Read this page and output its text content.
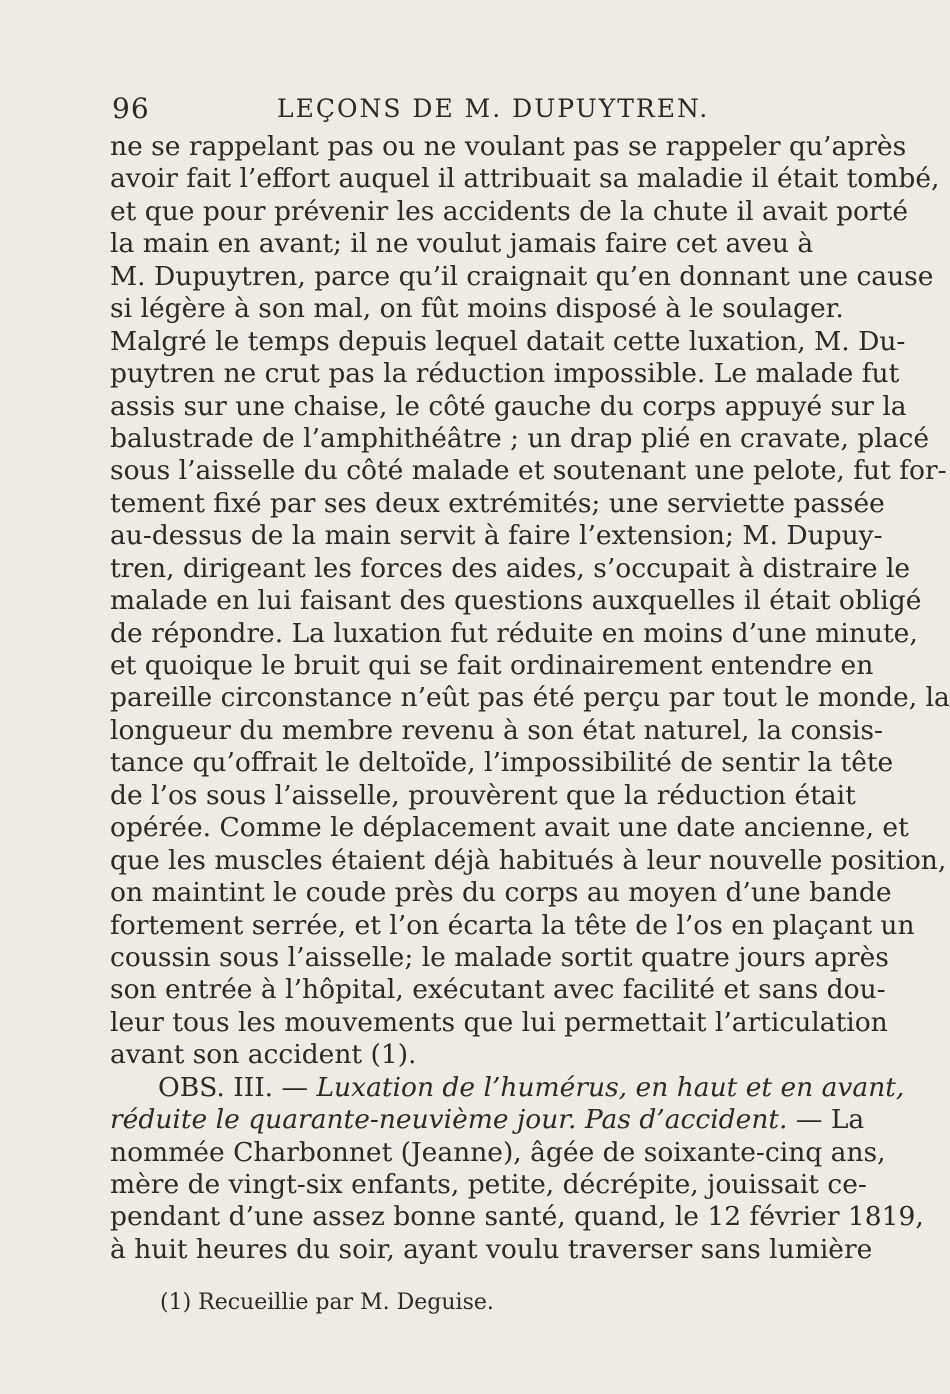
96	LEÇONS DE M. DUPUYTREN.
ne se rappelant pas ou ne voulant pas se rappeler qu’après
avoir fait l’effort auquel il attribuait sa maladie il était tombé,
et que pour prévenir les accidents de la chute il avait porté
la main en avant; il ne voulut jamais faire cet aveu à
M. Dupuytren, parce qu’il craignait qu’en donnant une cause
si légère à son mal, on fût moins disposé à le soulager.
Malgré le temps depuis lequel datait cette luxation, M. Du-
puytren ne crut pas la réduction impossible. Le malade fut
assis sur une chaise, le côté gauche du corps appuyé sur la
balustrade de l’amphithéâtre ; un drap plié en cravate, placé
sous l’aisselle du côté malade et soutenant une pelote, fut for-
tement fixé par ses deux extrémités; une serviette passée
au-dessus de la main servit à faire l’extension; M. Dupuy-
tren, dirigeant les forces des aides, s’occupait à distraire le
malade en lui faisant des questions auxquelles il était obligé
de répondre. La luxation fut réduite en moins d’une minute,
et quoique le bruit qui se fait ordinairement entendre en
pareille circonstance n’eût pas été perçu par tout le monde, la
longueur du membre revenu à son état naturel, la consis-
tance qu’offrait le deltoïde, l’impossibilité de sentir la tête
de l’os sous l’aisselle, prouvèrent que la réduction était
opérée. Comme le déplacement avait une date ancienne, et
que les muscles étaient déjà habitués à leur nouvelle position,
on maintint le coude près du corps au moyen d’une bande
fortement serrée, et l’on écarta la tête de l’os en plaçant un
coussin sous l’aisselle; le malade sortit quatre jours après
son entrée à l’hôpital, exécutant avec facilité et sans dou-
leur tous les mouvements que lui permettait l’articulation
avant son accident (1).
OBS. III. — Luxation de l’humérus, en haut et en avant,
réduite le quarante-neuvième jour. Pas d’accident. — La
nommée Charbonnet (Jeanne), âgée de soixante-cinq ans,
mère de vingt-six enfants, petite, décrépite, jouissait ce-
pendant d’une assez bonne santé, quand, le 12 février 1819,
à huit heures du soir, ayant voulu traverser sans lumière
(1) Recueillie par M. Deguise.
